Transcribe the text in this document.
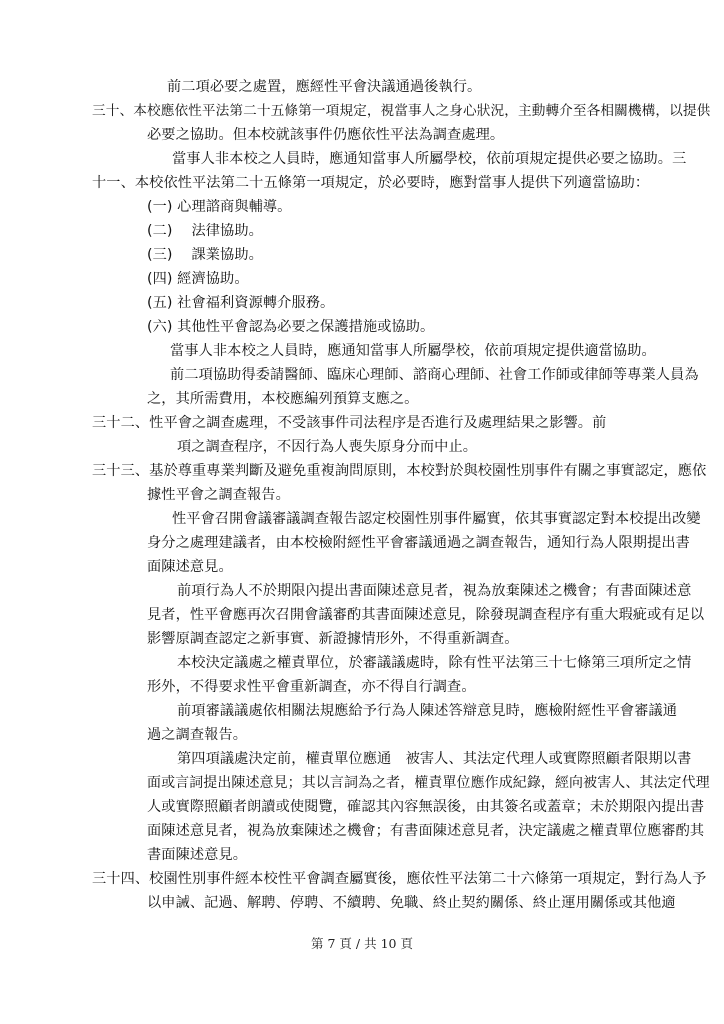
前二項必要之處置，應經性平會決議通過後執行。
三十、本校應依性平法第二十五條第一項規定，視當事人之身心狀況，主動轉介至各相關機構，以提供
必要之協助。但本校就該事件仍應依性平法為調查處理。
當事人非本校之人員時，應通知當事人所屬學校，依前項規定提供必要之協助。三
十一、本校依性平法第二十五條第一項規定，於必要時，應對當事人提供下列適當協助：
(一) 心理諮商與輔導。
(二)　 法律協助。
(三)　 課業協助。
(四) 經濟協助。
(五) 社會福利資源轉介服務。
(六) 其他性平會認為必要之保護措施或協助。
當事人非本校之人員時，應通知當事人所屬學校，依前項規定提供適當協助。
前二項協助得委請醫師、臨床心理師、諮商心理師、社會工作師或律師等專業人員為
之，其所需費用，本校應編列預算支應之。
三十二、性平會之調查處理，不受該事件司法程序是否進行及處理結果之影響。前
項之調查程序，不因行為人喪失原身分而中止。
三十三、基於尊重專業判斷及避免重複詢問原則，本校對於與校園性別事件有關之事實認定，應依
據性平會之調查報告。
性平會召開會議審議調查報告認定校園性別事件屬實，依其事實認定對本校提出改變
身分之處理建議者，由本校檢附經性平會審議通過之調查報告，通知行為人限期提出書
面陳述意見。
前項行為人不於期限內提出書面陳述意見者，視為放棄陳述之機會；有書面陳述意
見者，性平會應再次召開會議審酌其書面陳述意見，除發現調查程序有重大瑕疵或有足以
影響原調查認定之新事實、新證據情形外，不得重新調查。
本校決定議處之權責單位，於審議議處時，除有性平法第三十七條第三項所定之情
形外，不得要求性平會重新調查，亦不得自行調查。
前項審議議處依相關法規應給予行為人陳述答辯意見時，應檢附經性平會審議通
過之調查報告。
第四項議處決定前，權責單位應通　被害人、其法定代理人或實際照顧者限期以書
面或言詞提出陳述意見；其以言詞為之者，權責單位應作成紀錄，經向被害人、其法定代理
人或實際照顧者朗讀或使閱覽，確認其內容無誤後，由其簽名或蓋章；未於期限內提出書
面陳述意見者，視為放棄陳述之機會；有書面陳述意見者，決定議處之權責單位應審酌其
書面陳述意見。
三十四、校園性別事件經本校性平會調查屬實後，應依性平法第二十六條第一項規定，對行為人予
以申誡、記過、解聘、停聘、不續聘、免職、終止契約關係、終止運用關係或其他適
第 7 頁 / 共 10 頁
